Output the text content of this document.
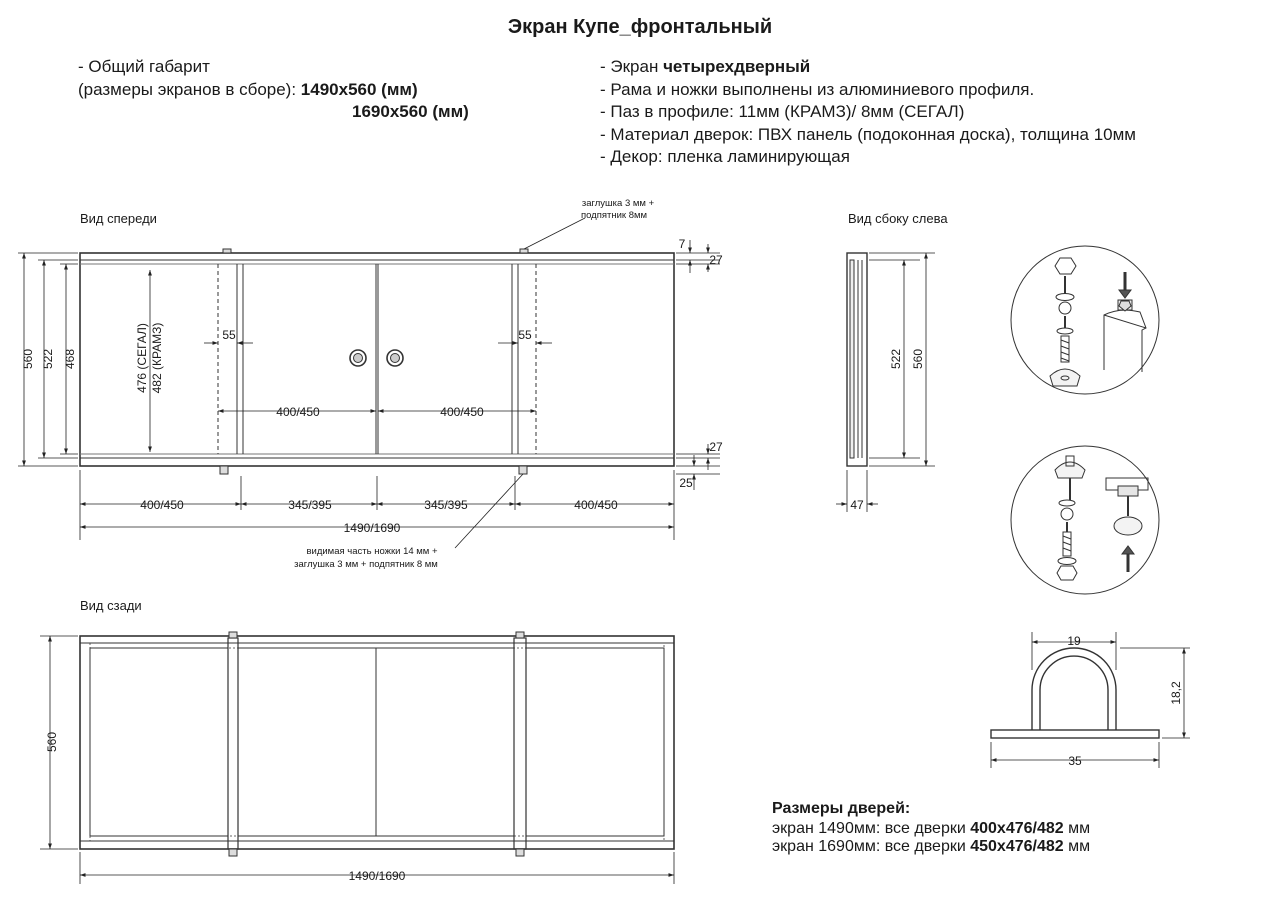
Экран Купе_фронтальный
- Общий габарит
(размеры экранов в сборе): 1490х560 (мм)
1690х560 (мм)
- Экран четырехдверный
- Рама и ножки выполнены из алюминиевого профиля.
- Паз в профиле: 11мм (КРАМЗ)/ 8мм (СЕГАЛ)
- Материал дверок: ПВХ панель (подоконная доска), толщина 10мм
- Декор: пленка ламинирующая
Вид спереди	Вид сбоку слева
Вид сзади
Размеры дверей:
экран 1490мм: все дверки 400х476/482 мм
экран 1690мм: все дверки 450х476/482 мм
560 522 468	476 (СЕГАЛ) 482 (КРАМЗ)	55	55
400/450	400/450
7
27
27
25
400/450	345/395	345/395	400/450
1490/1690
заглушка 3 мм +
подпятник 8мм
видимая часть ножки 14 мм +
заглушка 3 мм + подпятник 8 мм
522 560
47
19
18,2
35
560
1490/1690
